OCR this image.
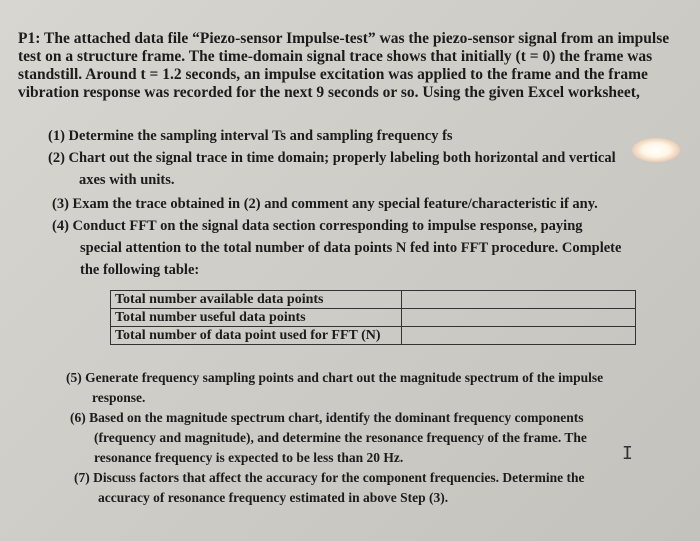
P1: The attached data file “Piezo-sensor Impulse-test” was the piezo-sensor signal from an impulse test on a structure frame. The time-domain signal trace shows that initially (t = 0) the frame was standstill. Around t = 1.2 seconds, an impulse excitation was applied to the frame and the frame vibration response was recorded for the next 9 seconds or so. Using the given Excel worksheet,
(1) Determine the sampling interval Ts and sampling frequency fs
(2) Chart out the signal trace in time domain; properly labeling both horizontal and vertical
axes with units.
(3) Exam the trace obtained in (2) and comment any special feature/characteristic if any.
(4) Conduct FFT on the signal data section corresponding to impulse response, paying
special attention to the total number of data points N fed into FFT procedure. Complete
the following table:
Total number available data points	
Total number useful data points	
Total number of data point used for FFT (N)	
(5) Generate frequency sampling points and chart out the magnitude spectrum of the impulse
response.
(6) Based on the magnitude spectrum chart, identify the dominant frequency components
(frequency and magnitude), and determine the resonance frequency of the frame. The
resonance frequency is expected to be less than 20 Hz.
(7) Discuss factors that affect the accuracy for the component frequencies. Determine the
accuracy of resonance frequency estimated in above Step (3).
I
